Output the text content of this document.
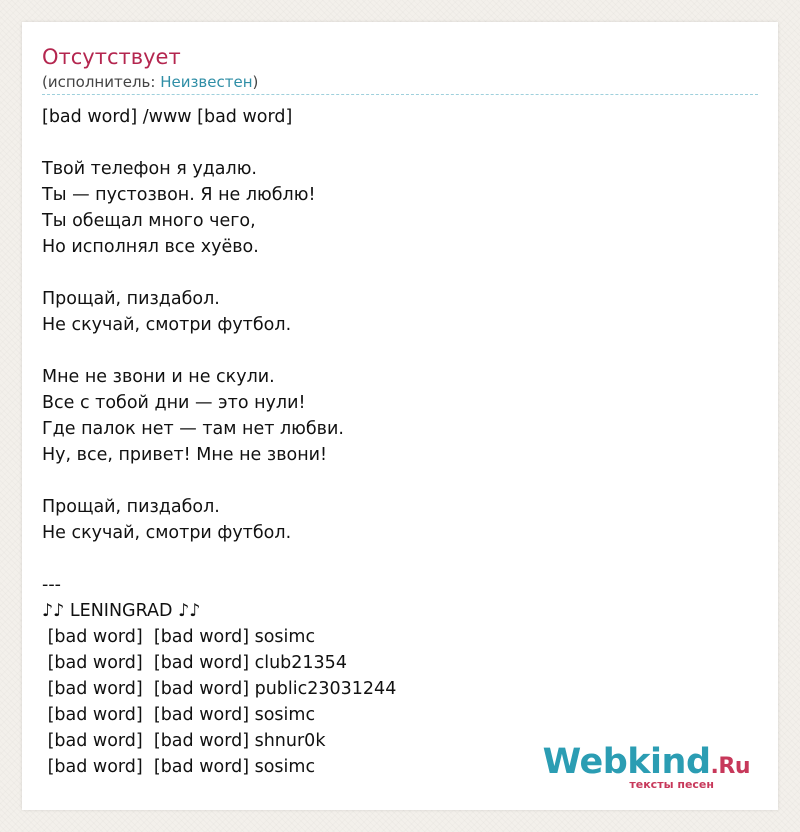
Отсутствует
(исполнитель: Неизвестен)
[bad word] /www [bad word]
Твой телефон я удалю.
Ты — пустозвон. Я не люблю!
Ты обещал много чего,
Но исполнял все хуёво.
Прощай, пиздабол.
Не скучай, смотри футбол.
Мне не звони и не скули.
Все с тобой дни — это нули!
Где палок нет — там нет любви.
Ну, все, привет! Мне не звони!
Прощай, пиздабол.
Не скучай, смотри футбол.
---
♪♪ LENINGRAD ♪♪
[bad word]  [bad word] sosimc
[bad word]  [bad word] club21354
[bad word]  [bad word] public23031244
[bad word]  [bad word] sosimc
[bad word]  [bad word] shnur0k
[bad word]  [bad word] sosimc	Webkind.Ru
тексты песен
